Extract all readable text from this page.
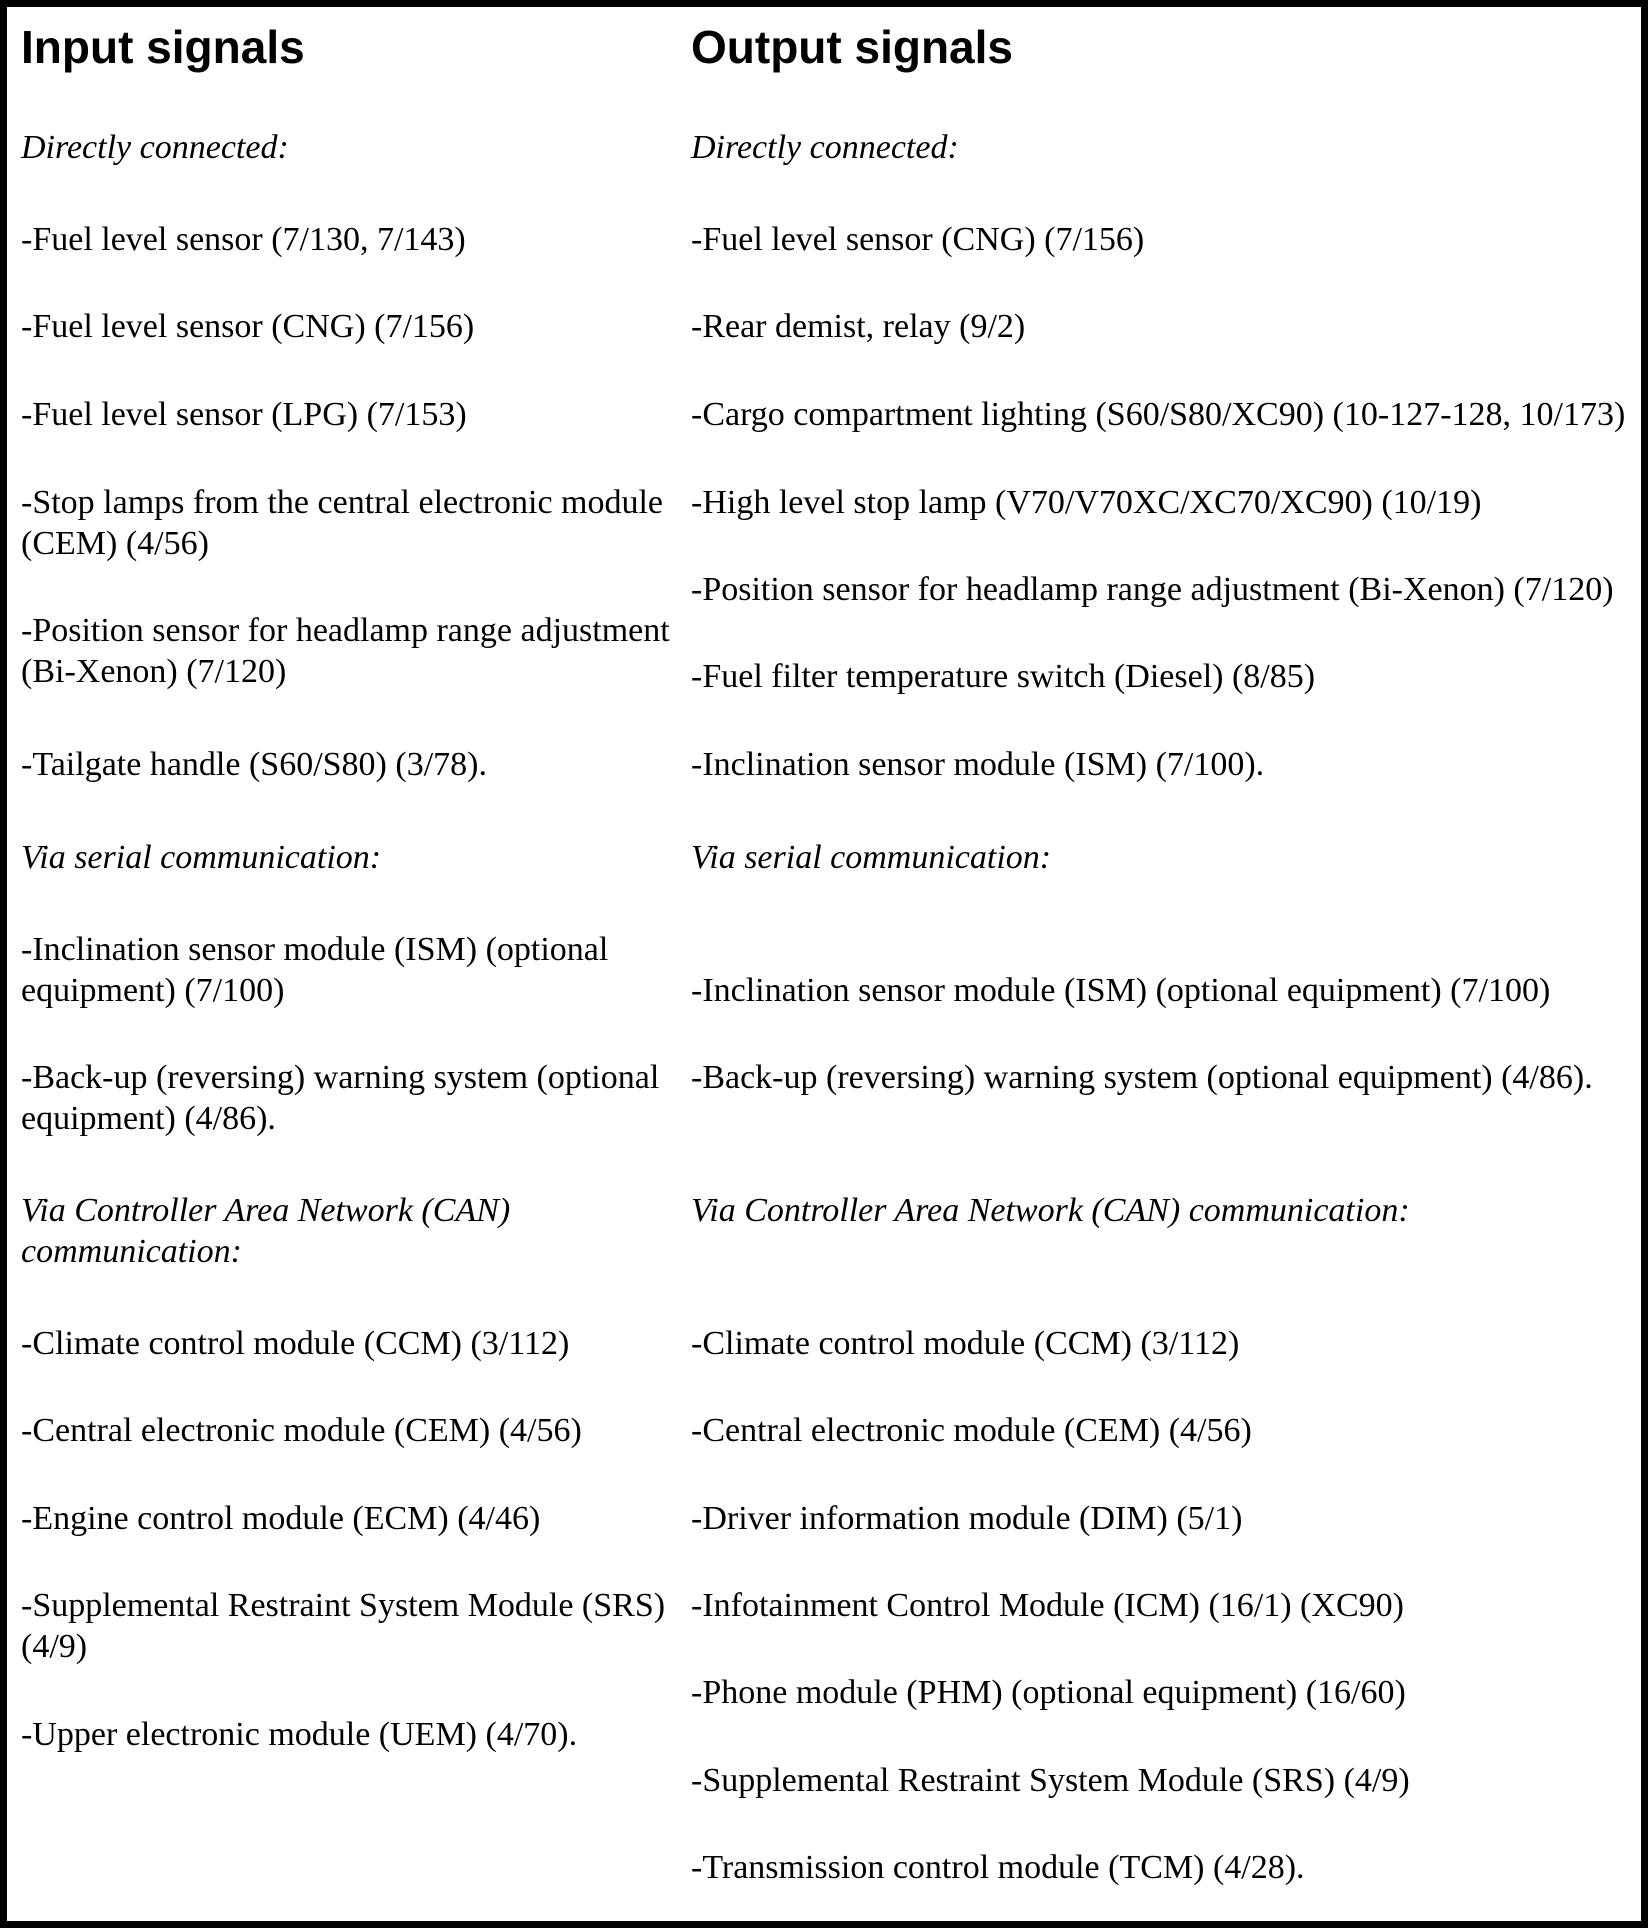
Input signals
Directly connected:
-Fuel level sensor (7/130, 7/143)
-Fuel level sensor (CNG) (7/156)
-Fuel level sensor (LPG) (7/153)
-Stop lamps from the central electronic module
(CEM) (4/56)
-Position sensor for headlamp range adjustment
(Bi-Xenon) (7/120)
-Tailgate handle (S60/S80) (3/78).
Via serial communication:
-Inclination sensor module (ISM) (optional
equipment) (7/100)
-Back-up (reversing) warning system (optional
equipment) (4/86).
Via Controller Area Network (CAN)
communication:
-Climate control module (CCM) (3/112)
-Central electronic module (CEM) (4/56)
-Engine control module (ECM) (4/46)
-Supplemental Restraint System Module (SRS)
(4/9)
-Upper electronic module (UEM) (4/70).
Output signals
Directly connected:
-Fuel level sensor (CNG) (7/156)
-Rear demist, relay (9/2)
-Cargo compartment lighting (S60/S80/XC90) (10-127-128, 10/173)
-High level stop lamp (V70/V70XC/XC70/XC90) (10/19)
-Position sensor for headlamp range adjustment (Bi-Xenon) (7/120)
-Fuel filter temperature switch (Diesel) (8/85)
-Inclination sensor module (ISM) (7/100).
Via serial communication:
-Inclination sensor module (ISM) (optional equipment) (7/100)
-Back-up (reversing) warning system (optional equipment) (4/86).
Via Controller Area Network (CAN) communication:
-Climate control module (CCM) (3/112)
-Central electronic module (CEM) (4/56)
-Driver information module (DIM) (5/1)
-Infotainment Control Module (ICM) (16/1) (XC90)
-Phone module (PHM) (optional equipment) (16/60)
-Supplemental Restraint System Module (SRS) (4/9)
-Transmission control module (TCM) (4/28).
